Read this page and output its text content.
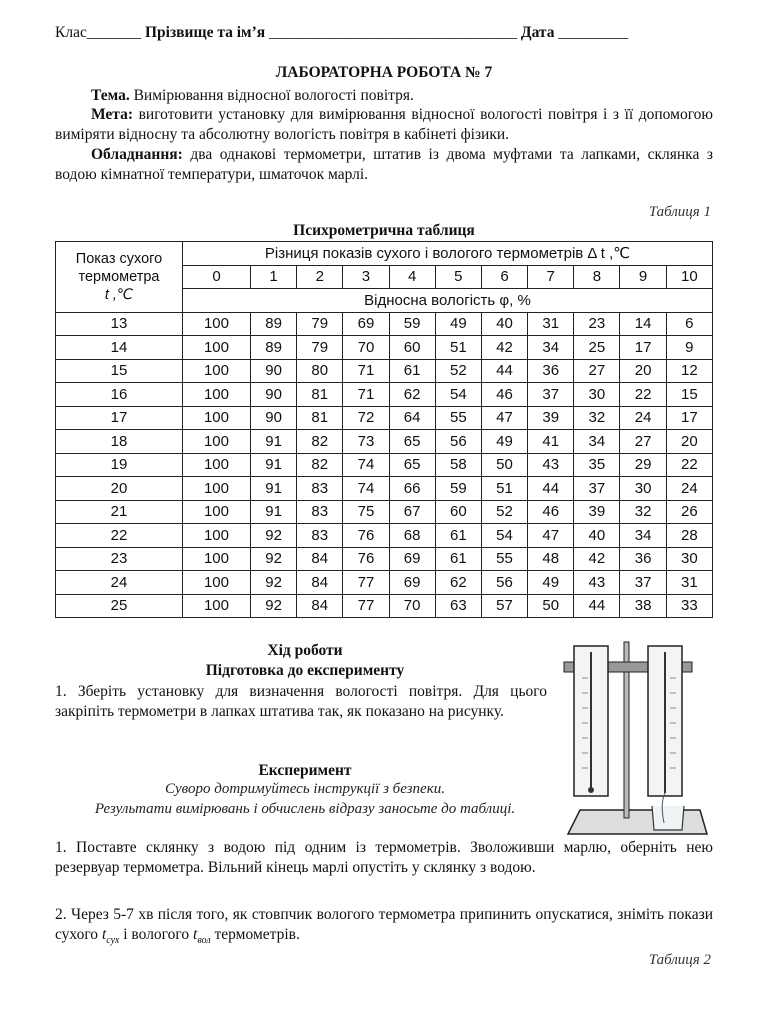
Клас_______ Прізвище та ім’я ________________________________ Дата _________
ЛАБОРАТОРНА РОБОТА № 7
Тема. Вимірювання відносної вологості повітря.
Мета: виготовити установку для вимірювання відносної вологості повітря і з її допомогою виміряти відносну та абсолютну вологість повітря в кабінеті фізики.
Обладнання: два однакові термометри, штатив із двома муфтами та лапками, склянка з водою кімнатної температури, шматочок марлі.
Таблиця 1
Психрометрична таблиця
Показ сухого термометра
t ,℃	Різниця показів сухого і вологого термометрів Δ t ,℃										
	0	1	2	3	4	5	6	7	8	9	10
	Відносна вологість φ, %										
13	100	89	79	69	59	49	40	31	23	14	6
14	100	89	79	70	60	51	42	34	25	17	9
15	100	90	80	71	61	52	44	36	27	20	12
16	100	90	81	71	62	54	46	37	30	22	15
17	100	90	81	72	64	55	47	39	32	24	17
18	100	91	82	73	65	56	49	41	34	27	20
19	100	91	82	74	65	58	50	43	35	29	22
20	100	91	83	74	66	59	51	44	37	30	24
21	100	91	83	75	67	60	52	46	39	32	26
22	100	92	83	76	68	61	54	47	40	34	28
23	100	92	84	76	69	61	55	48	42	36	30
24	100	92	84	77	69	62	56	49	43	37	31
25	100	92	84	77	70	63	57	50	44	38	33
Хід роботи
Підготовка до експерименту
1. Зберіть установку для визначення вологості повітря. Для цього закріпіть термометри в лапках штатива так, як показано на рисунку.
Експеримент
Суворо дотримуйтесь інструкції з безпеки.
Результати вимірювань і обчислень відразу заносьте до таблиці.
1. Поставте склянку з водою під одним із термометрів. Зволоживши марлю, оберніть нею резервуар термометра. Вільний кінець марлі опустіть у склянку з водою.
2. Через 5-7 хв після того, як стовпчик вологого термометра припинить опускатися, зніміть покази сухого $t_{сух}$ і вологого $t_{вол}$ термометрів.
Таблиця 2
